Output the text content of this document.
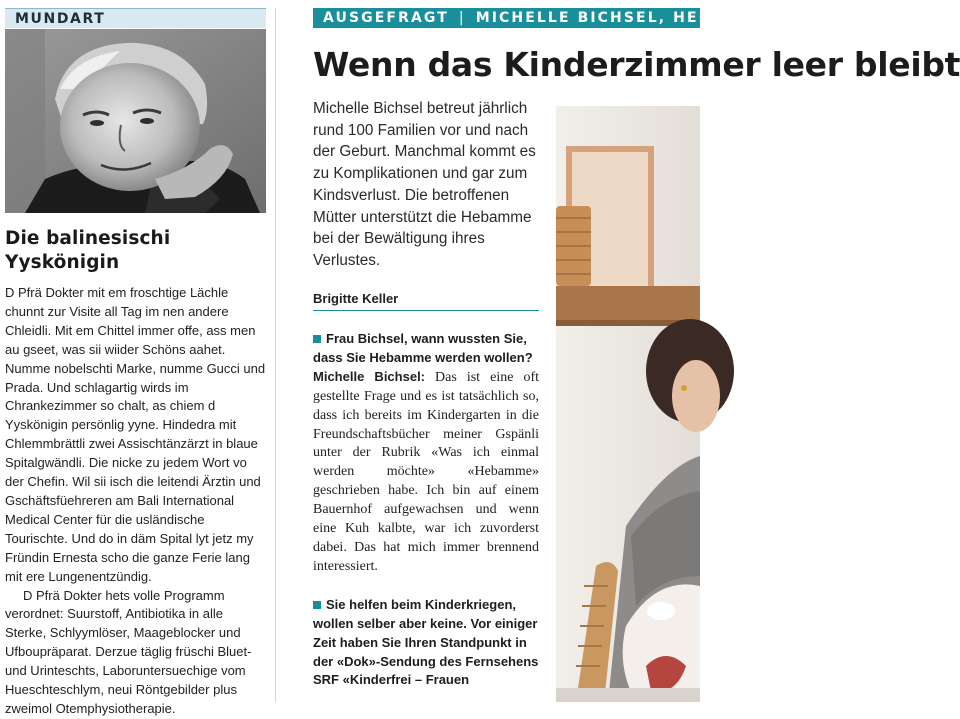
MUNDART
Die balinesischi Yyskönigin

D Pfrä Dokter mit em froschtige Lächle chunnt zur Visite all Tag im nen andere Chleidli. Mit em Chittel immer offe, ass men au gseet, was sii wiider Schöns aahet. Numme nobelschti Marke, numme Gucci und Prada. Und schlagartig wirds im Chrankezimmer so chalt, as chiem d Yyskönigin persönlig yyne. Hindedra mit Chlemmbrättli zwei Assischtänzärzt in blaue Spitalgwändli. Die nicke zu jedem Wort vo der Chefin. Wil sii isch die leitendi Ärztin und Gschäftsfüehreren am Bali International Medical Center für die usländische Tourischte. Und do in däm Spital lyt jetz my Fründin Ernesta scho die ganze Ferie lang mit ere Lungenentzündig.

D Pfrä Dokter hets volle Programm verordnet: Suurstoff, Antibiotika in alle Sterke, Schlyymlöser, Maageblocker und Ufboupräparat. Derzue täglig früschi Bluet- und Urinteschts, Laboruntersuechige vom Hueschteschlym, neui Röntgebilder plus zweimol Otemphysiotherapie.

AUSGEFRAGT | MICHELLE BICHSEL, HEBAMME
Wenn das Kinderzimmer leer bleibt

Michelle Bichsel betreut jährlich rund 100 Familien vor und nach der Geburt. Manchmal kommt es zu Komplikationen und gar zum Kindsverlust. Die betroffenen Mütter unterstützt die Hebamme bei der Bewältigung ihres Verlustes.

Brigitte Keller

Frau Bichsel, wann wussten Sie, dass Sie Hebamme werden wollen?

Michelle Bichsel: Das ist eine oft gestellte Frage und es ist tatsächlich so, dass ich bereits im Kindergarten in die Freundschaftsbücher meiner Gspänli unter der Rubrik «Was ich einmal werden möchte» «Hebamme» geschrieben habe. Ich bin auf einem Bauernhof aufgewachsen und wenn eine Kuh kalbte, war ich zuvorderst dabei. Das hat mich immer brennend interessiert.

Sie helfen beim Kinderkriegen, wollen selber aber keine. Vor einiger Zeit haben Sie Ihren Standpunkt in der «Dok»-Sendung des Fernsehens SRF «Kinderfrei – Frauen
